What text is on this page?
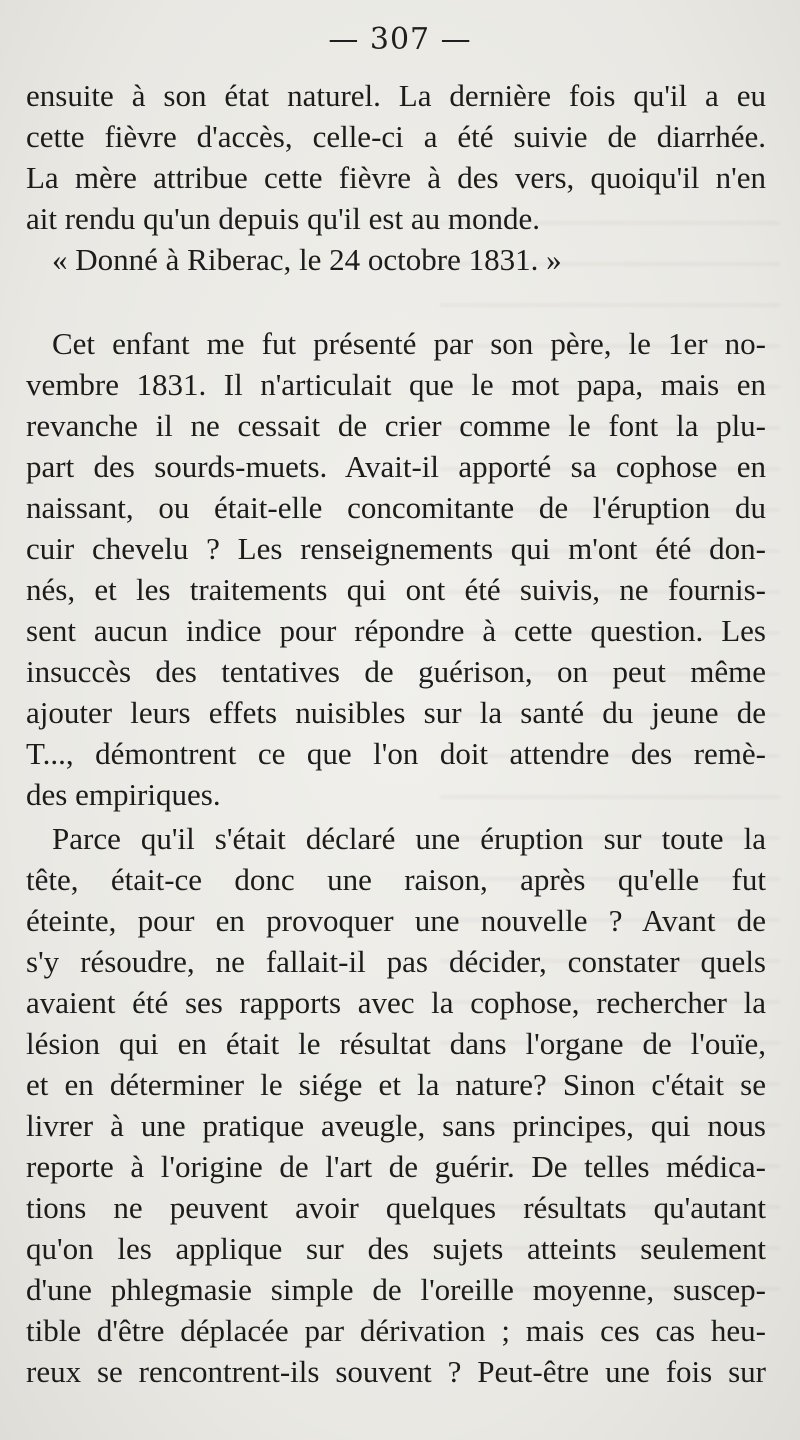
— 307 —
ensuite à son état naturel. La dernière fois qu'il a eu
cette fièvre d'accès, celle-ci a été suivie de diarrhée.
La mère attribue cette fièvre à des vers, quoiqu'il n'en
ait rendu qu'un depuis qu'il est au monde.
« Donné à Riberac, le 24 octobre 1831. »
Cet enfant me fut présenté par son père, le 1er no-
vembre 1831. Il n'articulait que le mot papa, mais en
revanche il ne cessait de crier comme le font la plu-
part des sourds-muets. Avait-il apporté sa cophose en
naissant, ou était-elle concomitante de l'éruption du
cuir chevelu ? Les renseignements qui m'ont été don-
nés, et les traitements qui ont été suivis, ne fournis-
sent aucun indice pour répondre à cette question. Les
insuccès des tentatives de guérison, on peut même
ajouter leurs effets nuisibles sur la santé du jeune de
T..., démontrent ce que l'on doit attendre des remè-
des empiriques.
Parce qu'il s'était déclaré une éruption sur toute la
tête, était-ce donc une raison, après qu'elle fut
éteinte, pour en provoquer une nouvelle ? Avant de
s'y résoudre, ne fallait-il pas décider, constater quels
avaient été ses rapports avec la cophose, rechercher la
lésion qui en était le résultat dans l'organe de l'ouïe,
et en déterminer le siége et la nature? Sinon c'était se
livrer à une pratique aveugle, sans principes, qui nous
reporte à l'origine de l'art de guérir. De telles médica-
tions ne peuvent avoir quelques résultats qu'autant
qu'on les applique sur des sujets atteints seulement
d'une phlegmasie simple de l'oreille moyenne, suscep-
tible d'être déplacée par dérivation ; mais ces cas heu-
reux se rencontrent-ils souvent ? Peut-être une fois sur
